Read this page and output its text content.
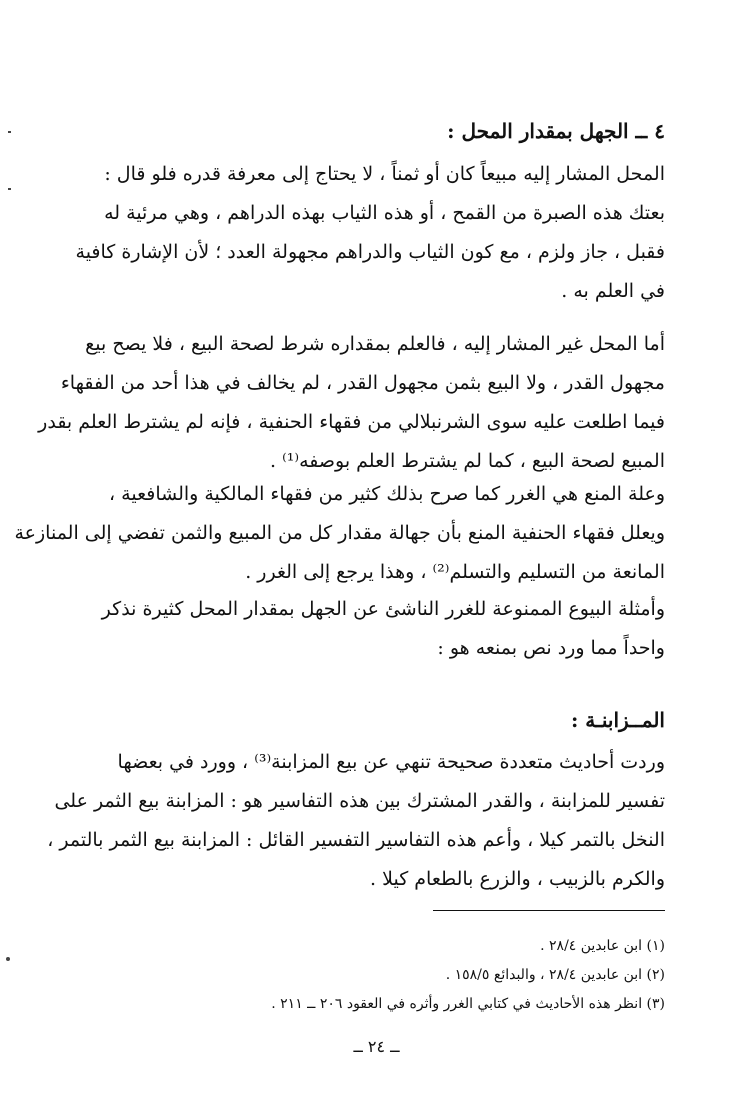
٤ ــ الجهل بمقدار المحل :
المحل المشار إليه مبيعاً كان أو ثمناً ، لا يحتاج إلى معرفة قدره فلو قال :
بعتك هذه الصبرة من القمح ، أو هذه الثياب بهذه الدراهم ، وهي مرئية له
فقبل ، جاز ولزم ، مع كون الثياب والدراهم مجهولة العدد ؛ لأن الإشارة كافية
في العلم به .
أما المحل غير المشار إليه ، فالعلم بمقداره شرط لصحة البيع ، فلا يصح بيع
مجهول القدر ، ولا البيع بثمن مجهول القدر ، لم يخالف في هذا أحد من الفقهاء
فيما اطلعت عليه سوى الشرنبلالي من فقهاء الحنفية ، فإنه لم يشترط العلم بقدر
المبيع لصحة البيع ، كما لم يشترط العلم بوصفه⁽¹⁾ .
وعلة المنع هي الغرر كما صرح بذلك كثير من فقهاء المالكية والشافعية ،
ويعلل فقهاء الحنفية المنع بأن جهالة مقدار كل من المبيع والثمن تفضي إلى المنازعة
المانعة من التسليم والتسلم⁽²⁾ ، وهذا يرجع إلى الغرر .
وأمثلة البيوع الممنوعة للغرر الناشئ عن الجهل بمقدار المحل كثيرة نذكر
واحداً مما ورد نص بمنعه هو :
المــزابنـة :
وردت أحاديث متعددة صحيحة تنهي عن بيع المزابنة⁽³⁾ ، وورد في بعضها
تفسير للمزابنة ، والقدر المشترك بين هذه التفاسير هو : المزابنة بيع الثمر على
النخل بالتمر كيلا ، وأعم هذه التفاسير التفسير القائل : المزابنة بيع الثمر بالتمر ،
والكرم بالزبيب ، والزرع بالطعام كيلا .
(١) ابن عابدين ٢٨/٤ .
(٢) ابن عابدين ٢٨/٤ ، والبدائع ١٥٨/٥ .
(٣) انظر هذه الأحاديث في كتابي الغرر وأثره في العقود ٢٠٦ ــ ٢١١ .
ــ ٢٤ ــ
